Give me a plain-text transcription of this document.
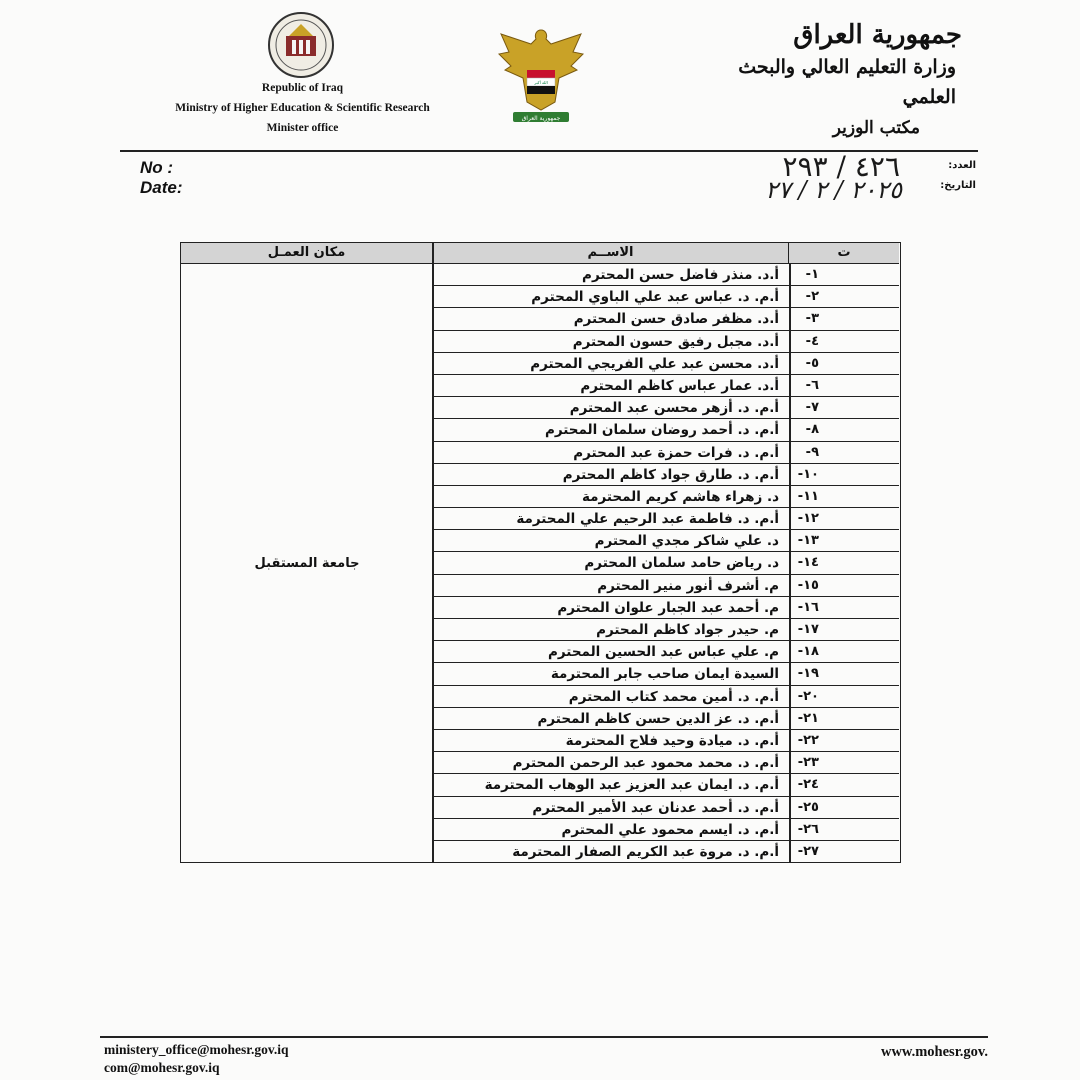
Republic of Iraq
Ministry of Higher Education & Scientific Research
Minister office
الله أكبر
جمهورية العراق
جمهورية العراق
وزارة التعليم العالي والبحث العلمي
مكتب الوزير
No :
Date:
العدد:
التاريخ:
٤٢٦ / ٢٩٣
٢٠٢٥ / ٢ / ٢٧
مكان العمـل	الاســم	ت
جامعة المستقبل
أ.د. منذر فاضل حسن المحترم	١ -
أ.م. د. عباس عبد علي الباوي المحترم	٢ -
أ.د. مظفر صادق حسن المحترم	٣ -
أ.د. مجبل رفيق حسون المحترم	٤ -
أ.د. محسن عبد علي الفريجي المحترم	٥ -
أ.د. عمار عباس كاظم المحترم	٦ -
أ.م. د. أزهر محسن عبد المحترم	٧ -
أ.م. د. أحمد روضان سلمان المحترم	٨ -
أ.م. د. فرات حمزة عبد المحترم	٩ -
أ.م. د. طارق جواد كاظم المحترم	١٠ -
د. زهراء هاشم كريم المحترمة	١١ -
أ.م. د. فاطمة عبد الرحيم علي المحترمة	١٢ -
د. علي شاكر مجدي المحترم	١٣ -
د. رياض حامد سلمان المحترم	١٤ -
م. أشرف أنور منير المحترم	١٥ -
م. أحمد عبد الجبار علوان المحترم	١٦ -
م. حيدر جواد كاظم المحترم	١٧ -
م. علي عباس عبد الحسين المحترم	١٨ -
السيدة ايمان صاحب جابر المحترمة	١٩ -
أ.م. د. أمين محمد كتاب المحترم	٢٠ -
أ.م. د. عز الدين حسن كاظم المحترم	٢١ -
أ.م. د. ميادة وحيد فلاح المحترمة	٢٢ -
أ.م. د. محمد محمود عبد الرحمن المحترم	٢٣ -
أ.م. د. ايمان عبد العزيز عبد الوهاب المحترمة	٢٤ -
أ.م. د. أحمد عدنان عبد الأمير المحترم	٢٥ -
أ.م. د. ايسم محمود علي المحترم	٢٦ -
أ.م. د. مروة عبد الكريم الصفار المحترمة	٢٧ -
ministery_office@mohesr.gov.iq
com@mohesr.gov.iq
www.mohesr.gov.
